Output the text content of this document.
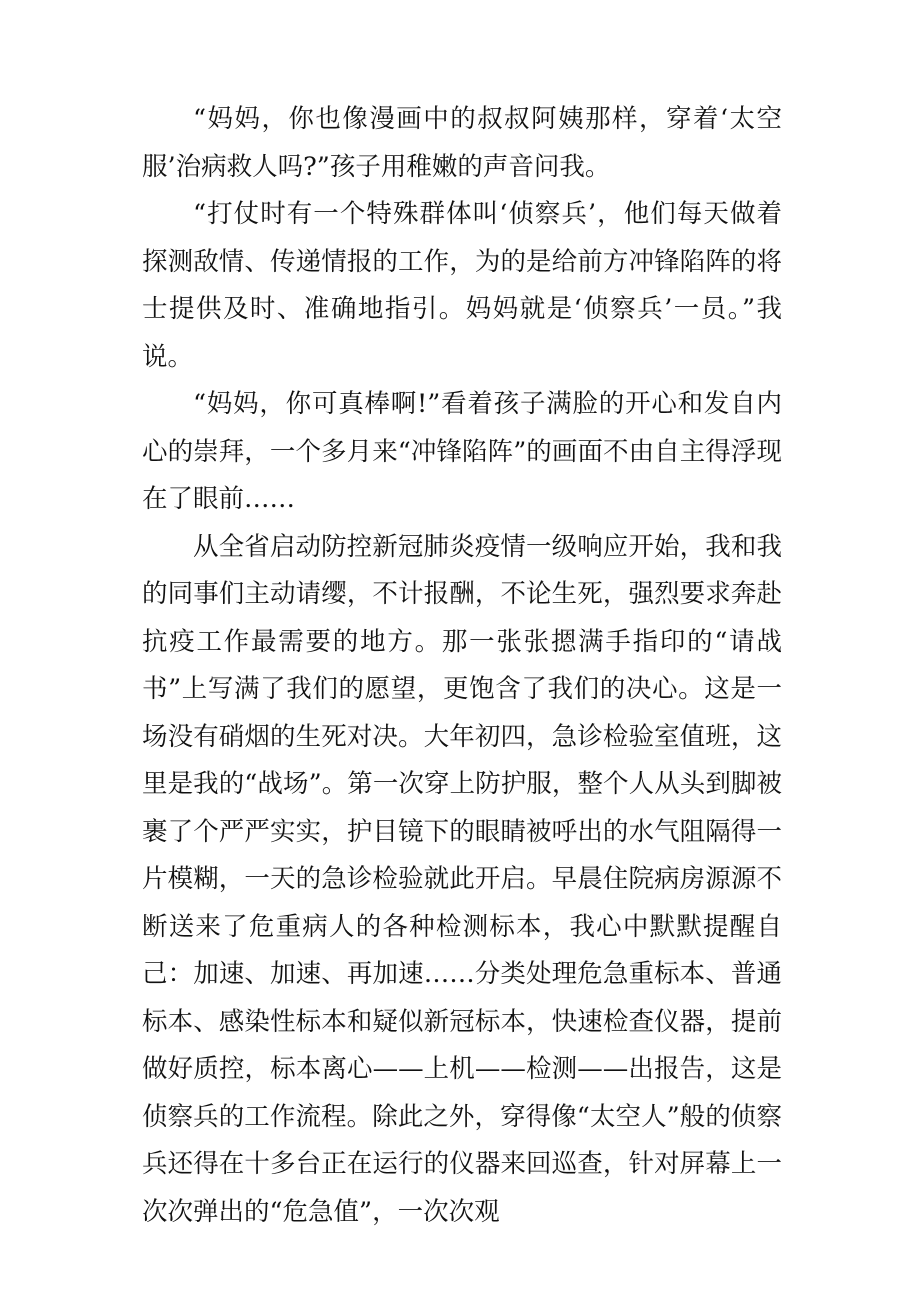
“妈妈，你也像漫画中的叔叔阿姨那样，穿着‘太空服’治病救人吗?”孩子用稚嫩的声音问我。

“打仗时有一个特殊群体叫‘侦察兵’，他们每天做着探测敌情、传递情报的工作，为的是给前方冲锋陷阵的将士提供及时、准确地指引。妈妈就是‘侦察兵’一员。”我说。

“妈妈，你可真棒啊!”看着孩子满脸的开心和发自内心的崇拜，一个多月来“冲锋陷阵”的画面不由自主得浮现在了眼前……

从全省启动防控新冠肺炎疫情一级响应开始，我和我的同事们主动请缨，不计报酬，不论生死，强烈要求奔赴抗疫工作最需要的地方。那一张张摁满手指印的“请战书”上写满了我们的愿望，更饱含了我们的决心。这是一场没有硝烟的生死对决。大年初四，急诊检验室值班，这里是我的“战场”。第一次穿上防护服，整个人从头到脚被裹了个严严实实，护目镜下的眼睛被呼出的水气阻隔得一片模糊，一天的急诊检验就此开启。早晨住院病房源源不断送来了危重病人的各种检测标本，我心中默默提醒自己：加速、加速、再加速……分类处理危急重标本、普通标本、感染性标本和疑似新冠标本，快速检查仪器，提前做好质控，标本离心——上机——检测——出报告，这是侦察兵的工作流程。除此之外，穿得像“太空人”般的侦察兵还得在十多台正在运行的仪器来回巡查，针对屏幕上一次次弹出的“危急值”，一次次观
